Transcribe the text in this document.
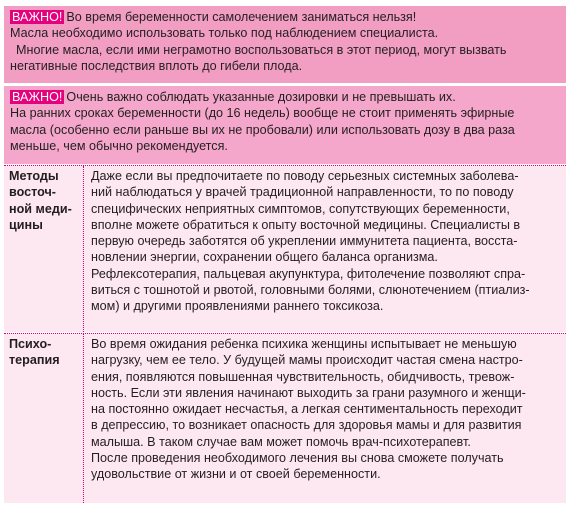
ВАЖНО! Во время беременности самолечением заниматься нельзя!

Масла необходимо использовать только под наблюдением специалиста.

Многие масла, если ими неграмотно воспользоваться в этот период, могут вызвать

негативные последствия вплоть до гибели плода.

ВАЖНО! Очень важно соблюдать указанные дозировки и не превышать их.

На ранних сроках беременности (до 16 недель) вообще не стоит применять эфирные

масла (особенно если раньше вы их не пробовали) или использовать дозу в два раза

меньше, чем обычно рекомендуется.

Методы
восточ-
ной меди-
цины

Даже если вы предпочитаете по поводу серьезных системных заболева-

ний наблюдаться у врачей традиционной направленности, то по поводу

специфических неприятных симптомов, сопутствующих беременности,

вполне можете обратиться к опыту восточной медицины. Специалисты в

первую очередь заботятся об укреплении иммунитета пациента, восста-

новлении энергии, сохранении общего баланса организма.

Рефлексотерапия, пальцевая акупунктура, фитолечение позволяют спра-

виться с тошнотой и рвотой, головными болями, слюнотечением (птиализ-

мом) и другими проявлениями раннего токсикоза.

Психо-
терапия

Во время ожидания ребенка психика женщины испытывает не меньшую

нагрузку, чем ее тело. У будущей мамы происходит частая смена настро-

ения, появляются повышенная чувствительность, обидчивость, тревож-

ность. Если эти явления начинают выходить за грани разумного и женщи-

на постоянно ожидает несчастья, а легкая сентиментальность переходит

в депрессию, то возникает опасность для здоровья мамы и для развития

малыша. В таком случае вам может помочь врач-психотерапевт.

После проведения необходимого лечения вы снова сможете получать

удовольствие от жизни и от своей беременности.
